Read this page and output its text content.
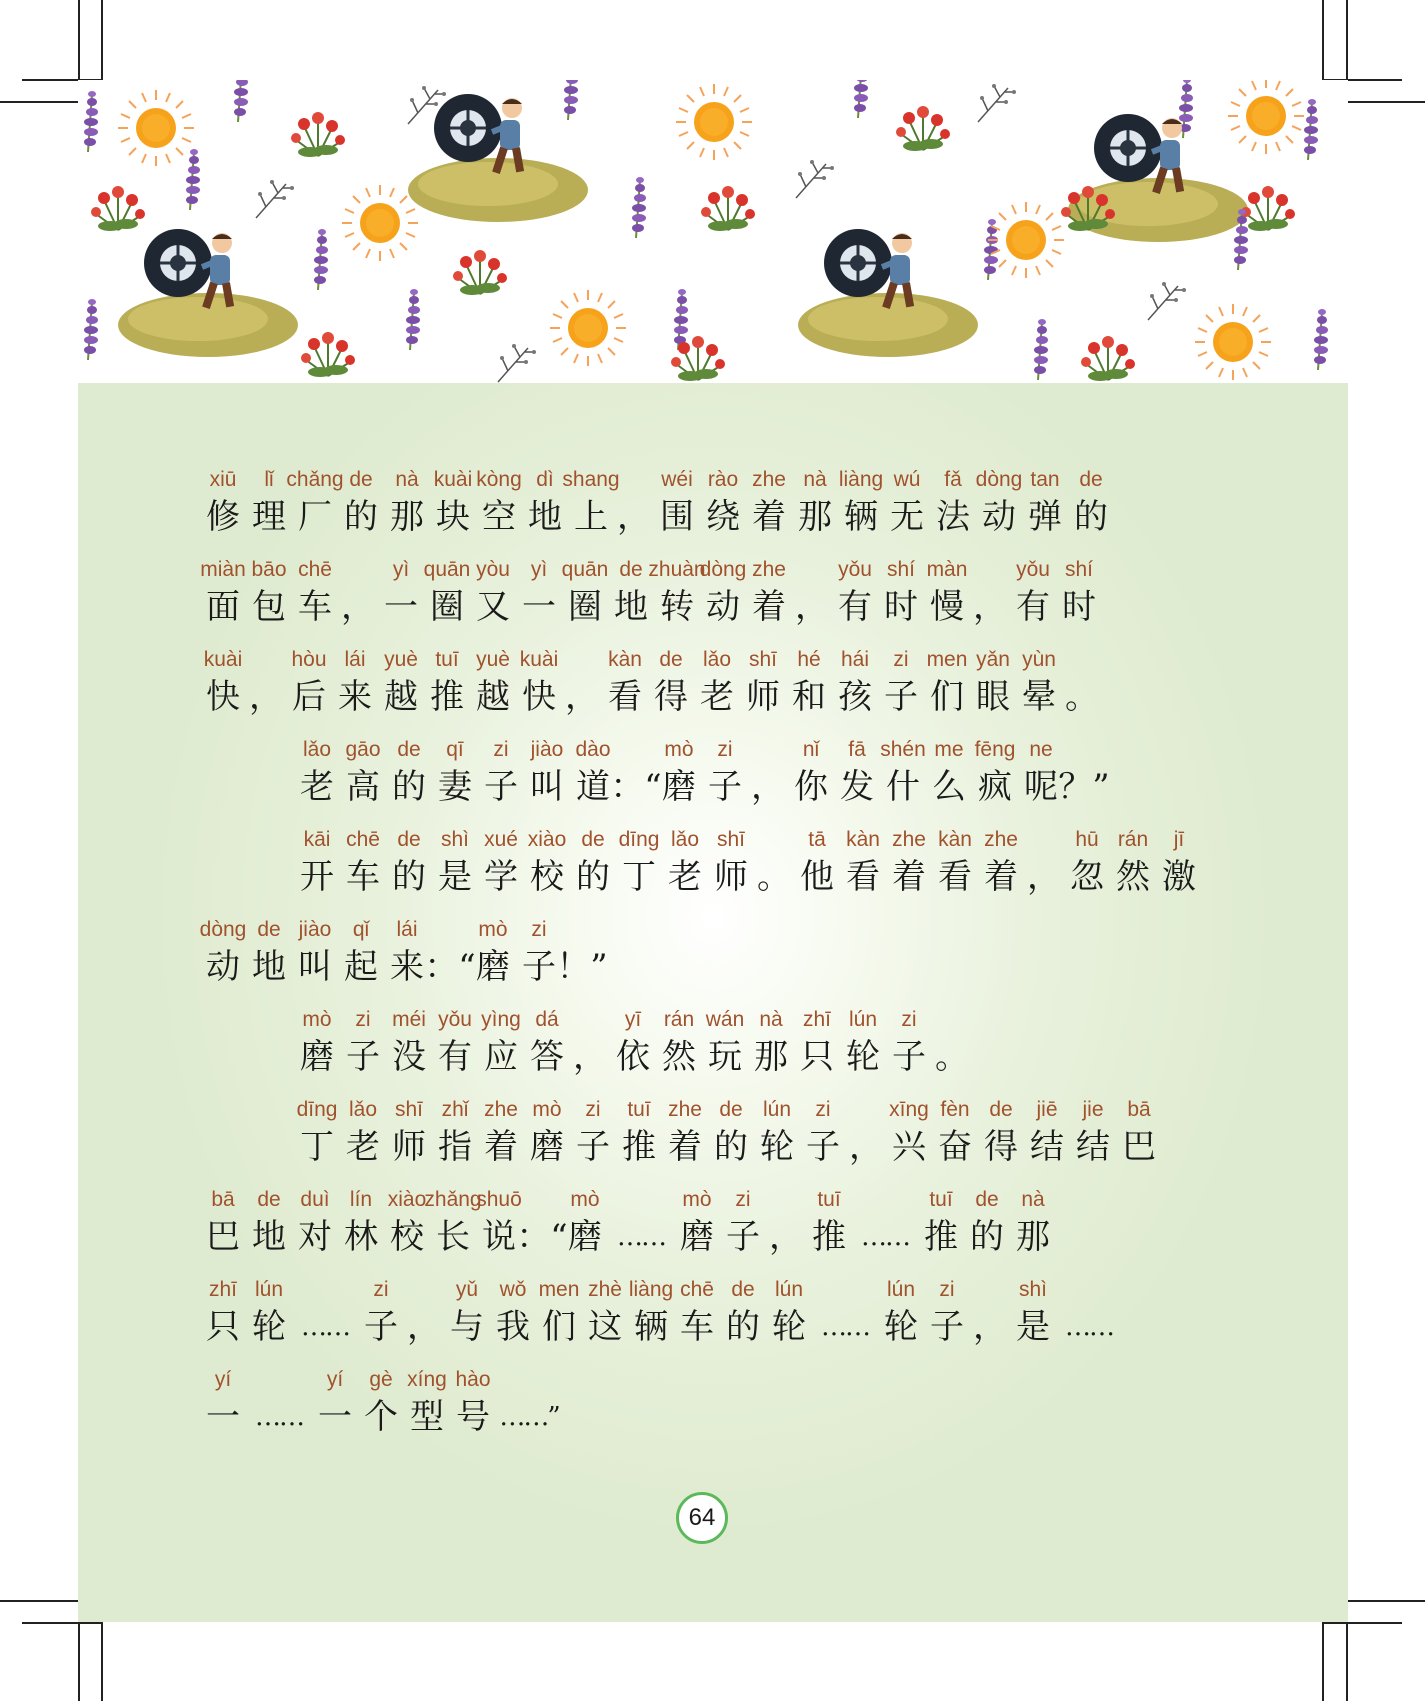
xiū
修
lǐ
理
chǎng
厂
de
的
nà
那
kuài
块
kòng
空
dì
地
shang
上 ，
wéi
围
rào
绕
zhe
着
nà
那
liàng
辆
wú
无
fǎ
法
dòng
动
tan
弹
de
的
miàn
面
bāo
包
chē
车 ，
yì
一
quān
圈
yòu
又
yì
一
quān
圈
de
地
zhuàn
转
dòng
动
zhe
着 ，
yǒu
有
shí
时
màn
慢 ，
yǒu
有
shí
时
kuài
快 ，
hòu
后
lái
来
yuè
越
tuī
推
yuè
越
kuài
快 ，
kàn
看
de
得
lǎo
老
shī
师
hé
和
hái
孩
zi
子
men
们
yǎn
眼
yùn
晕 。
lǎo
老
gāo
高
de
的
qī
妻
zi
子
jiào
叫
dào
道 ：“
mò
磨
zi
子 ，
nǐ
你
fā
发
shén
什
me
么
fēng
疯
ne
呢 ？”
kāi
开
chē
车
de
的
shì
是
xué
学
xiào
校
de
的
dīng
丁
lǎo
老
shī
师 。
tā
他
kàn
看
zhe
着
kàn
看
zhe
着 ，
hū
忽
rán
然
jī
激
dòng
动
de
地
jiào
叫
qǐ
起
lái
来 ：“
mò
磨
zi
子 ！”
mò
磨
zi
子
méi
没
yǒu
有
yìng
应
dá
答 ，
yī
依
rán
然
wán
玩
nà
那
zhī
只
lún
轮
zi
子 。
dīng
丁
lǎo
老
shī
师
zhǐ
指
zhe
着
mò
磨
zi
子
tuī
推
zhe
着
de
的
lún
轮
zi
子 ，
xīng
兴
fèn
奋
de
得
jiē
结
jie
结
bā
巴
bā
巴
de
地
duì
对
lín
林
xiào
校
zhǎng
长
shuō
说 ：“
mò
磨 ……
mò
磨
zi
子 ，
tuī
推 ……
tuī
推
de
的
nà
那
zhī
只
lún
轮 ……
zi
子 ，
yǔ
与
wǒ
我
men
们
zhè
这
liàng
辆
chē
车
de
的
lún
轮 ……
lún
轮
zi
子 ，
shì
是 ……
yí
一 ……
yí
一
gè
个
xíng
型
hào
号 ……”
64
